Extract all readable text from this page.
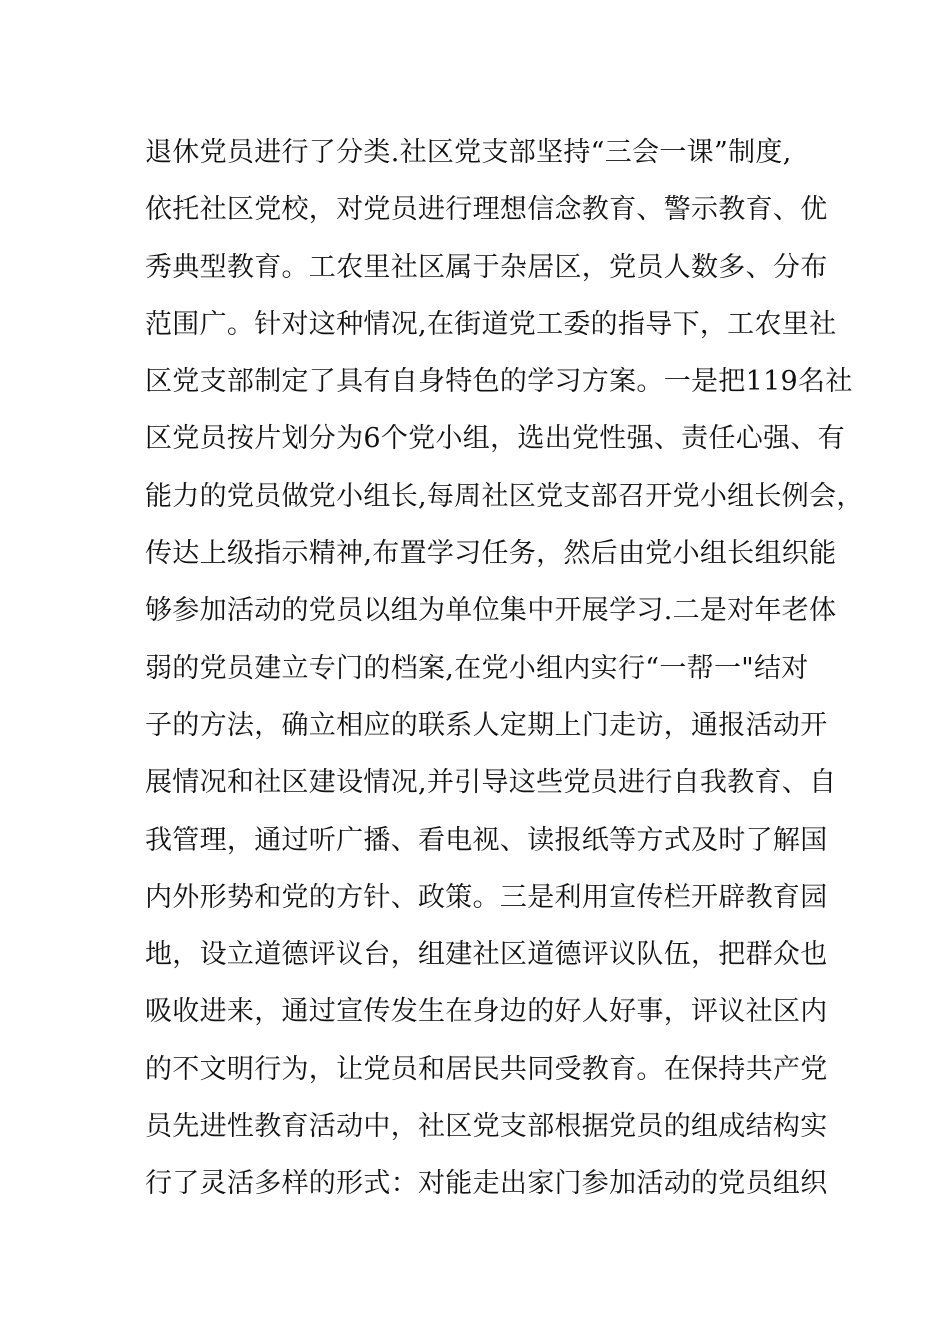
退休党员进行了分类.社区党支部坚持“三会一课”制度,
依托社区党校，对党员进行理想信念教育、警示教育、优
秀典型教育。工农里社区属于杂居区，党员人数多、分布
范围广。针对这种情况,在街道党工委的指导下，工农里社
区党支部制定了具有自身特色的学习方案。一是把119名社
区党员按片划分为6个党小组，选出党性强、责任心强、有
能力的党员做党小组长,每周社区党支部召开党小组长例会，
传达上级指示精神,布置学习任务，然后由党小组长组织能
够参加活动的党员以组为单位集中开展学习.二是对年老体
弱的党员建立专门的档案,在党小组内实行“一帮一"结对
子的方法，确立相应的联系人定期上门走访，通报活动开
展情况和社区建设情况,并引导这些党员进行自我教育、自
我管理，通过听广播、看电视、读报纸等方式及时了解国
内外形势和党的方针、政策。三是利用宣传栏开辟教育园
地，设立道德评议台，组建社区道德评议队伍，把群众也
吸收进来，通过宣传发生在身边的好人好事，评议社区内
的不文明行为，让党员和居民共同受教育。在保持共产党
员先进性教育活动中，社区党支部根据党员的组成结构实
行了灵活多样的形式：对能走出家门参加活动的党员组织
